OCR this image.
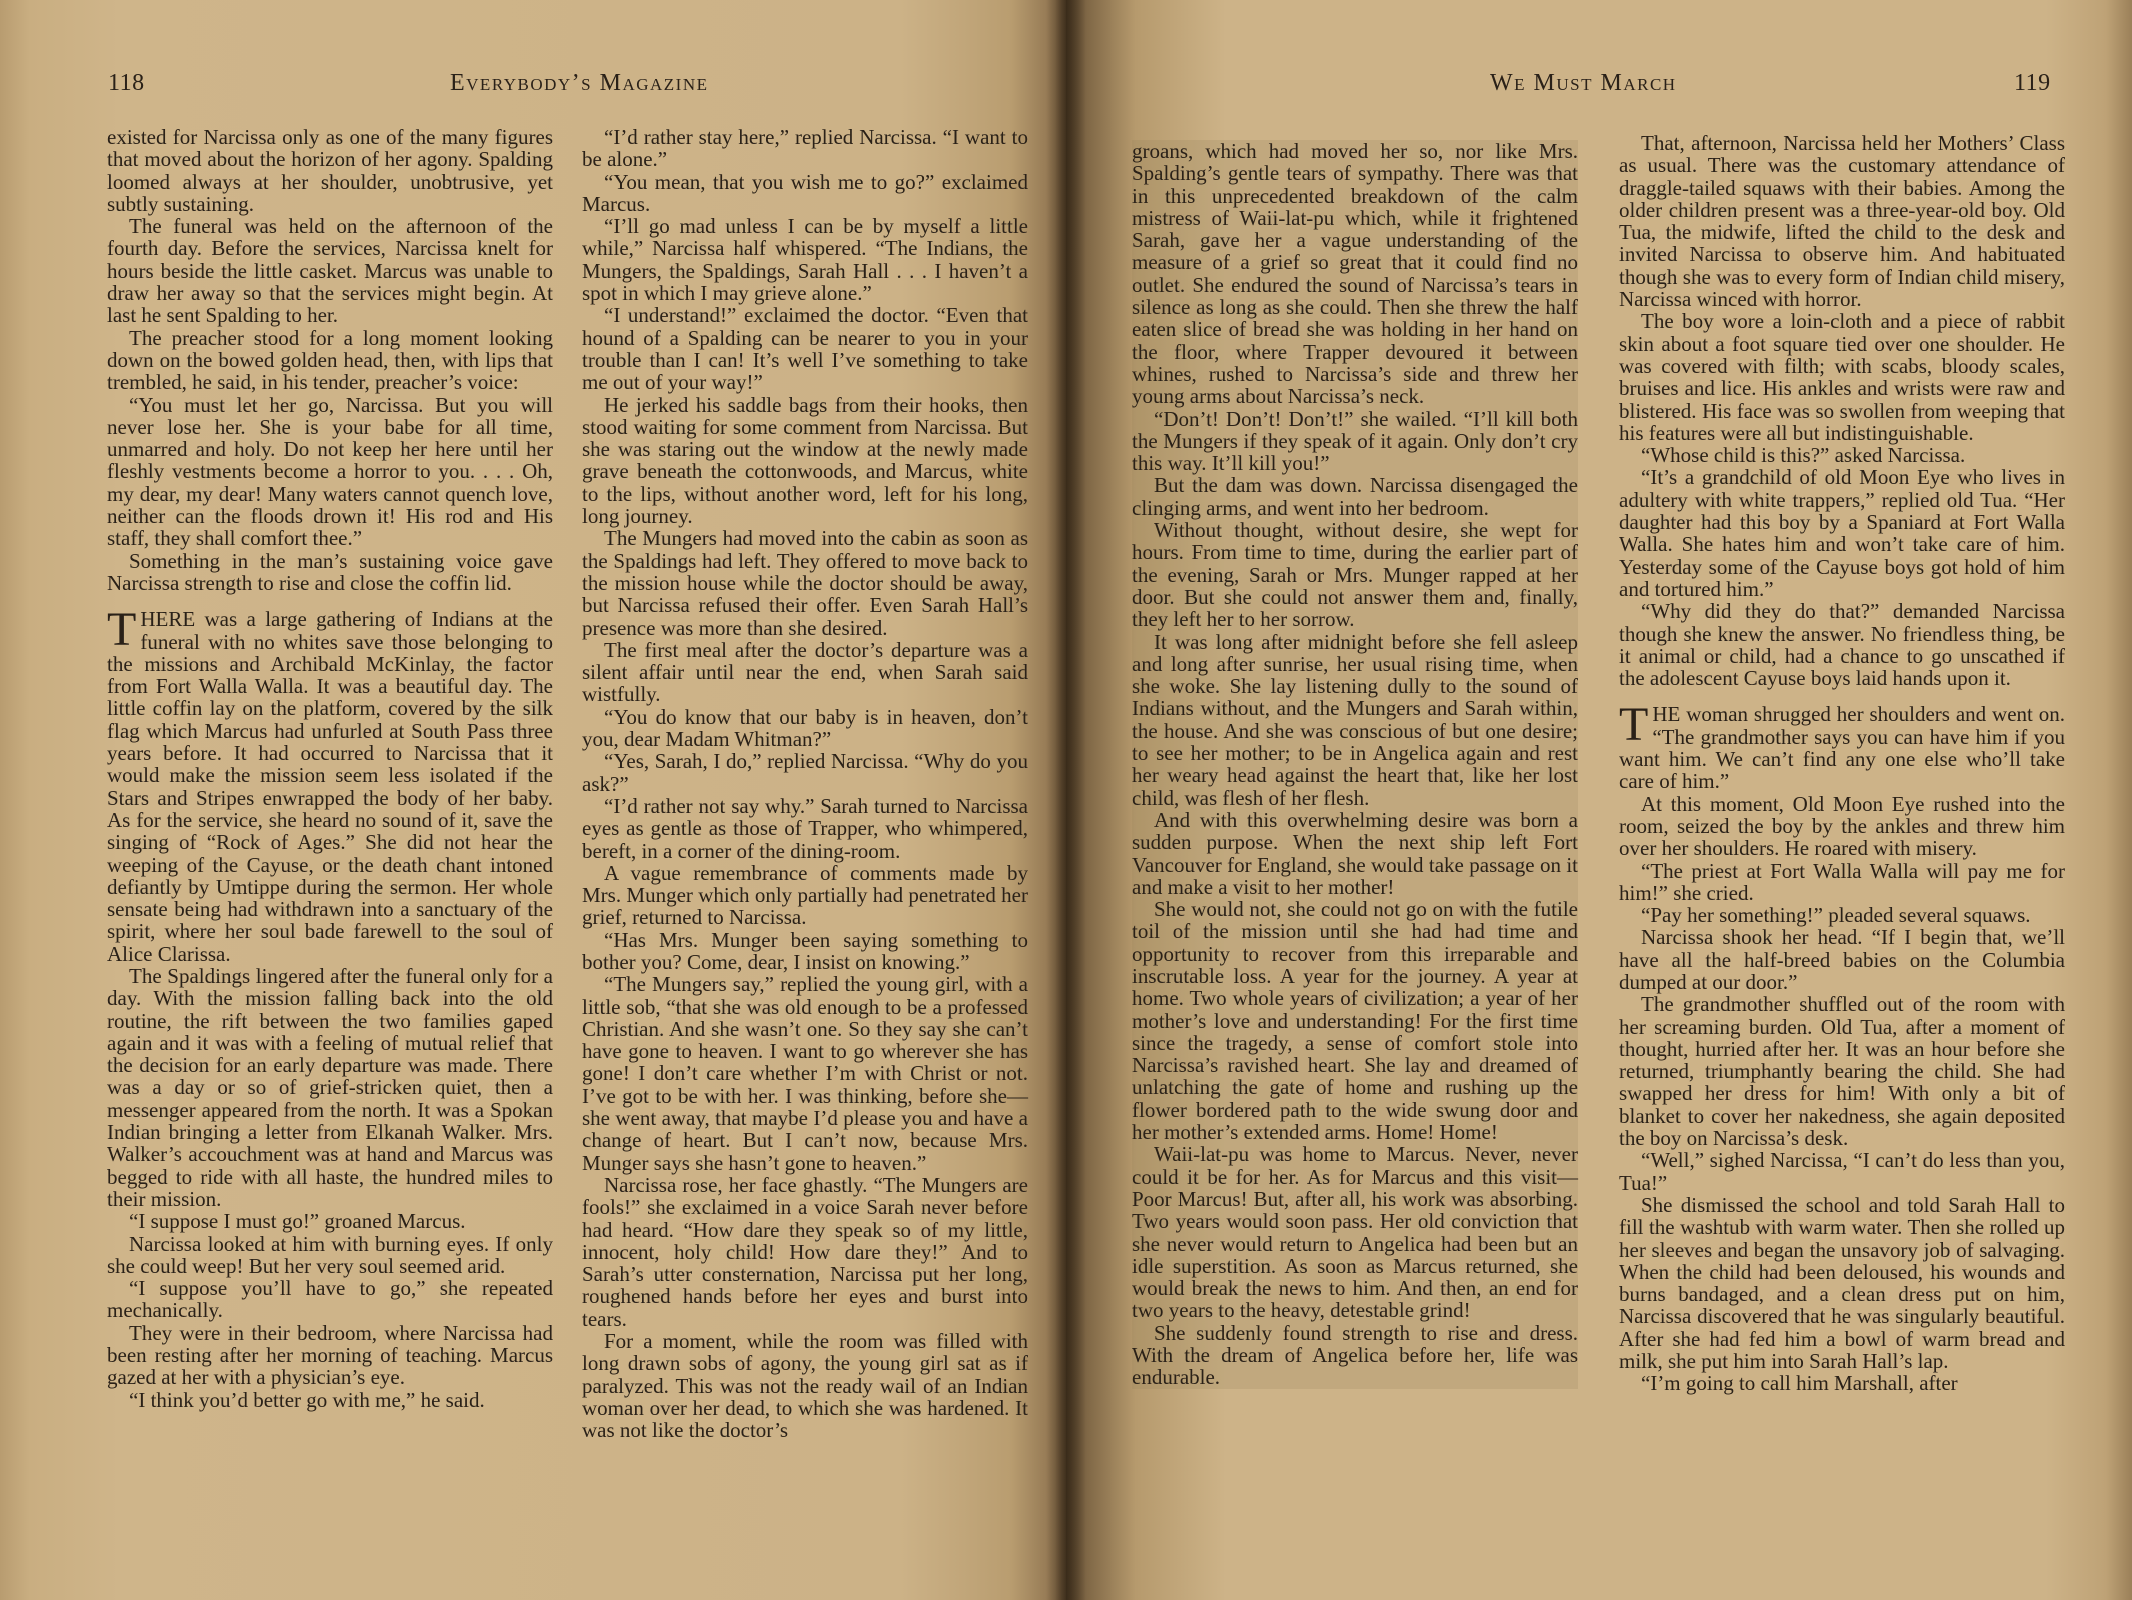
118	Everybody’s Magazine

existed for Narcissa only as one of the many figures that moved about the horizon of her agony. Spalding loomed always at her shoulder, unobtrusive, yet subtly sustaining.

The funeral was held on the afternoon of the fourth day. Before the services, Narcissa knelt for hours beside the little casket. Marcus was unable to draw her away so that the services might begin. At last he sent Spalding to her.

The preacher stood for a long moment looking down on the bowed golden head, then, with lips that trembled, he said, in his tender, preacher’s voice:

“You must let her go, Narcissa. But you will never lose her. She is your babe for all time, unmarred and holy. Do not keep her here until her fleshly vestments become a horror to you. . . . Oh, my dear, my dear! Many waters cannot quench love, neither can the floods drown it! His rod and His staff, they shall comfort thee.”

Something in the man’s sustaining voice gave Narcissa strength to rise and close the coffin lid.

THERE was a large gathering of Indians at the funeral with no whites save those belonging to the missions and Archibald McKinlay, the factor from Fort Walla Walla. It was a beautiful day. The little coffin lay on the platform, covered by the silk flag which Marcus had unfurled at South Pass three years before. It had occurred to Narcissa that it would make the mission seem less isolated if the Stars and Stripes enwrapped the body of her baby. As for the service, she heard no sound of it, save the singing of “Rock of Ages.” She did not hear the weeping of the Cayuse, or the death chant intoned defiantly by Umtippe during the sermon. Her whole sensate being had withdrawn into a sanctuary of the spirit, where her soul bade farewell to the soul of Alice Clarissa.

The Spaldings lingered after the funeral only for a day. With the mission falling back into the old routine, the rift between the two families gaped again and it was with a feeling of mutual relief that the decision for an early departure was made. There was a day or so of grief-stricken quiet, then a messenger appeared from the north. It was a Spokan Indian bringing a letter from Elkanah Walker. Mrs. Walker’s accouchment was at hand and Marcus was begged to ride with all haste, the hundred miles to their mission.

“I suppose I must go!” groaned Marcus.

Narcissa looked at him with burning eyes. If only she could weep! But her very soul seemed arid.

“I suppose you’ll have to go,” she repeated mechanically.

They were in their bedroom, where Narcissa had been resting after her morning of teaching. Marcus gazed at her with a physician’s eye.

“I think you’d better go with me,” he said.

“I’d rather stay here,” replied Narcissa. “I want to be alone.”

“You mean, that you wish me to go?” exclaimed Marcus.

“I’ll go mad unless I can be by myself a little while,” Narcissa half whispered. “The Indians, the Mungers, the Spaldings, Sarah Hall . . . I haven’t a spot in which I may grieve alone.”

“I understand!” exclaimed the doctor. “Even that hound of a Spalding can be nearer to you in your trouble than I can! It’s well I’ve something to take me out of your way!”

He jerked his saddle bags from their hooks, then stood waiting for some comment from Narcissa. But she was staring out the window at the newly made grave beneath the cottonwoods, and Marcus, white to the lips, without another word, left for his long, long journey.

The Mungers had moved into the cabin as soon as the Spaldings had left. They offered to move back to the mission house while the doctor should be away, but Narcissa refused their offer. Even Sarah Hall’s presence was more than she desired.

The first meal after the doctor’s departure was a silent affair until near the end, when Sarah said wistfully.

“You do know that our baby is in heaven, don’t you, dear Madam Whitman?”

“Yes, Sarah, I do,” replied Narcissa. “Why do you ask?”

“I’d rather not say why.” Sarah turned to Narcissa eyes as gentle as those of Trapper, who whimpered, bereft, in a corner of the dining-room.

A vague remembrance of comments made by Mrs. Munger which only partially had penetrated her grief, returned to Narcissa.

“Has Mrs. Munger been saying something to bother you? Come, dear, I insist on knowing.”

“The Mungers say,” replied the young girl, with a little sob, “that she was old enough to be a professed Christian. And she wasn’t one. So they say she can’t have gone to heaven. I want to go wherever she has gone! I don’t care whether I’m with Christ or not. I’ve got to be with her. I was thinking, before she—she went away, that maybe I’d please you and have a change of heart. But I can’t now, because Mrs. Munger says she hasn’t gone to heaven.”

Narcissa rose, her face ghastly. “The Mungers are fools!” she exclaimed in a voice Sarah never before had heard. “How dare they speak so of my little, innocent, holy child! How dare they!” And to Sarah’s utter consternation, Narcissa put her long, roughened hands before her eyes and burst into tears.

For a moment, while the room was filled with long drawn sobs of agony, the young girl sat as if paralyzed. This was not the ready wail of an Indian woman over her dead, to which she was hardened. It was not like the doctor’s

We Must March	119

groans, which had moved her so, nor like Mrs. Spalding’s gentle tears of sympathy. There was that in this unprecedented breakdown of the calm mistress of Waii-lat-pu which, while it frightened Sarah, gave her a vague understanding of the measure of a grief so great that it could find no outlet. She endured the sound of Narcissa’s tears in silence as long as she could. Then she threw the half eaten slice of bread she was holding in her hand on the floor, where Trapper devoured it between whines, rushed to Narcissa’s side and threw her young arms about Narcissa’s neck.

“Don’t! Don’t! Don’t!” she wailed. “I’ll kill both the Mungers if they speak of it again. Only don’t cry this way. It’ll kill you!”

But the dam was down. Narcissa disengaged the clinging arms, and went into her bedroom.

Without thought, without desire, she wept for hours. From time to time, during the earlier part of the evening, Sarah or Mrs. Munger rapped at her door. But she could not answer them and, finally, they left her to her sorrow.

It was long after midnight before she fell asleep and long after sunrise, her usual rising time, when she woke. She lay listening dully to the sound of Indians without, and the Mungers and Sarah within, the house. And she was conscious of but one desire; to see her mother; to be in Angelica again and rest her weary head against the heart that, like her lost child, was flesh of her flesh.

And with this overwhelming desire was born a sudden purpose. When the next ship left Fort Vancouver for England, she would take passage on it and make a visit to her mother!

She would not, she could not go on with the futile toil of the mission until she had had time and opportunity to recover from this irreparable and inscrutable loss. A year for the journey. A year at home. Two whole years of civilization; a year of her mother’s love and understanding! For the first time since the tragedy, a sense of comfort stole into Narcissa’s ravished heart. She lay and dreamed of unlatching the gate of home and rushing up the flower bordered path to the wide swung door and her mother’s extended arms. Home! Home!

Waii-lat-pu was home to Marcus. Never, never could it be for her. As for Marcus and this visit—Poor Marcus! But, after all, his work was absorbing. Two years would soon pass. Her old conviction that she never would return to Angelica had been but an idle superstition. As soon as Marcus returned, she would break the news to him. And then, an end for two years to the heavy, detestable grind!

She suddenly found strength to rise and dress. With the dream of Angelica before her, life was endurable.

That, afternoon, Narcissa held her Mothers’ Class as usual. There was the customary attendance of draggle-tailed squaws with their babies. Among the older children present was a three-year-old boy. Old Tua, the midwife, lifted the child to the desk and invited Narcissa to observe him. And habituated though she was to every form of Indian child misery, Narcissa winced with horror.

The boy wore a loin-cloth and a piece of rabbit skin about a foot square tied over one shoulder. He was covered with filth; with scabs, bloody scales, bruises and lice. His ankles and wrists were raw and blistered. His face was so swollen from weeping that his features were all but indistinguishable.

“Whose child is this?” asked Narcissa.

“It’s a grandchild of old Moon Eye who lives in adultery with white trappers,” replied old Tua. “Her daughter had this boy by a Spaniard at Fort Walla Walla. She hates him and won’t take care of him. Yesterday some of the Cayuse boys got hold of him and tortured him.”

“Why did they do that?” demanded Narcissa though she knew the answer. No friendless thing, be it animal or child, had a chance to go unscathed if the adolescent Cayuse boys laid hands upon it.

THE woman shrugged her shoulders and went on. “The grandmother says you can have him if you want him. We can’t find any one else who’ll take care of him.”

At this moment, Old Moon Eye rushed into the room, seized the boy by the ankles and threw him over her shoulders. He roared with misery.

“The priest at Fort Walla Walla will pay me for him!” she cried.

“Pay her something!” pleaded several squaws.

Narcissa shook her head. “If I begin that, we’ll have all the half-breed babies on the Columbia dumped at our door.”

The grandmother shuffled out of the room with her screaming burden. Old Tua, after a moment of thought, hurried after her. It was an hour before she returned, triumphantly bearing the child. She had swapped her dress for him! With only a bit of blanket to cover her nakedness, she again deposited the boy on Narcissa’s desk.

“Well,” sighed Narcissa, “I can’t do less than you, Tua!”

She dismissed the school and told Sarah Hall to fill the washtub with warm water. Then she rolled up her sleeves and began the unsavory job of salvaging. When the child had been deloused, his wounds and burns bandaged, and a clean dress put on him, Narcissa discovered that he was singularly beautiful. After she had fed him a bowl of warm bread and milk, she put him into Sarah Hall’s lap.

“I’m going to call him Marshall, after
